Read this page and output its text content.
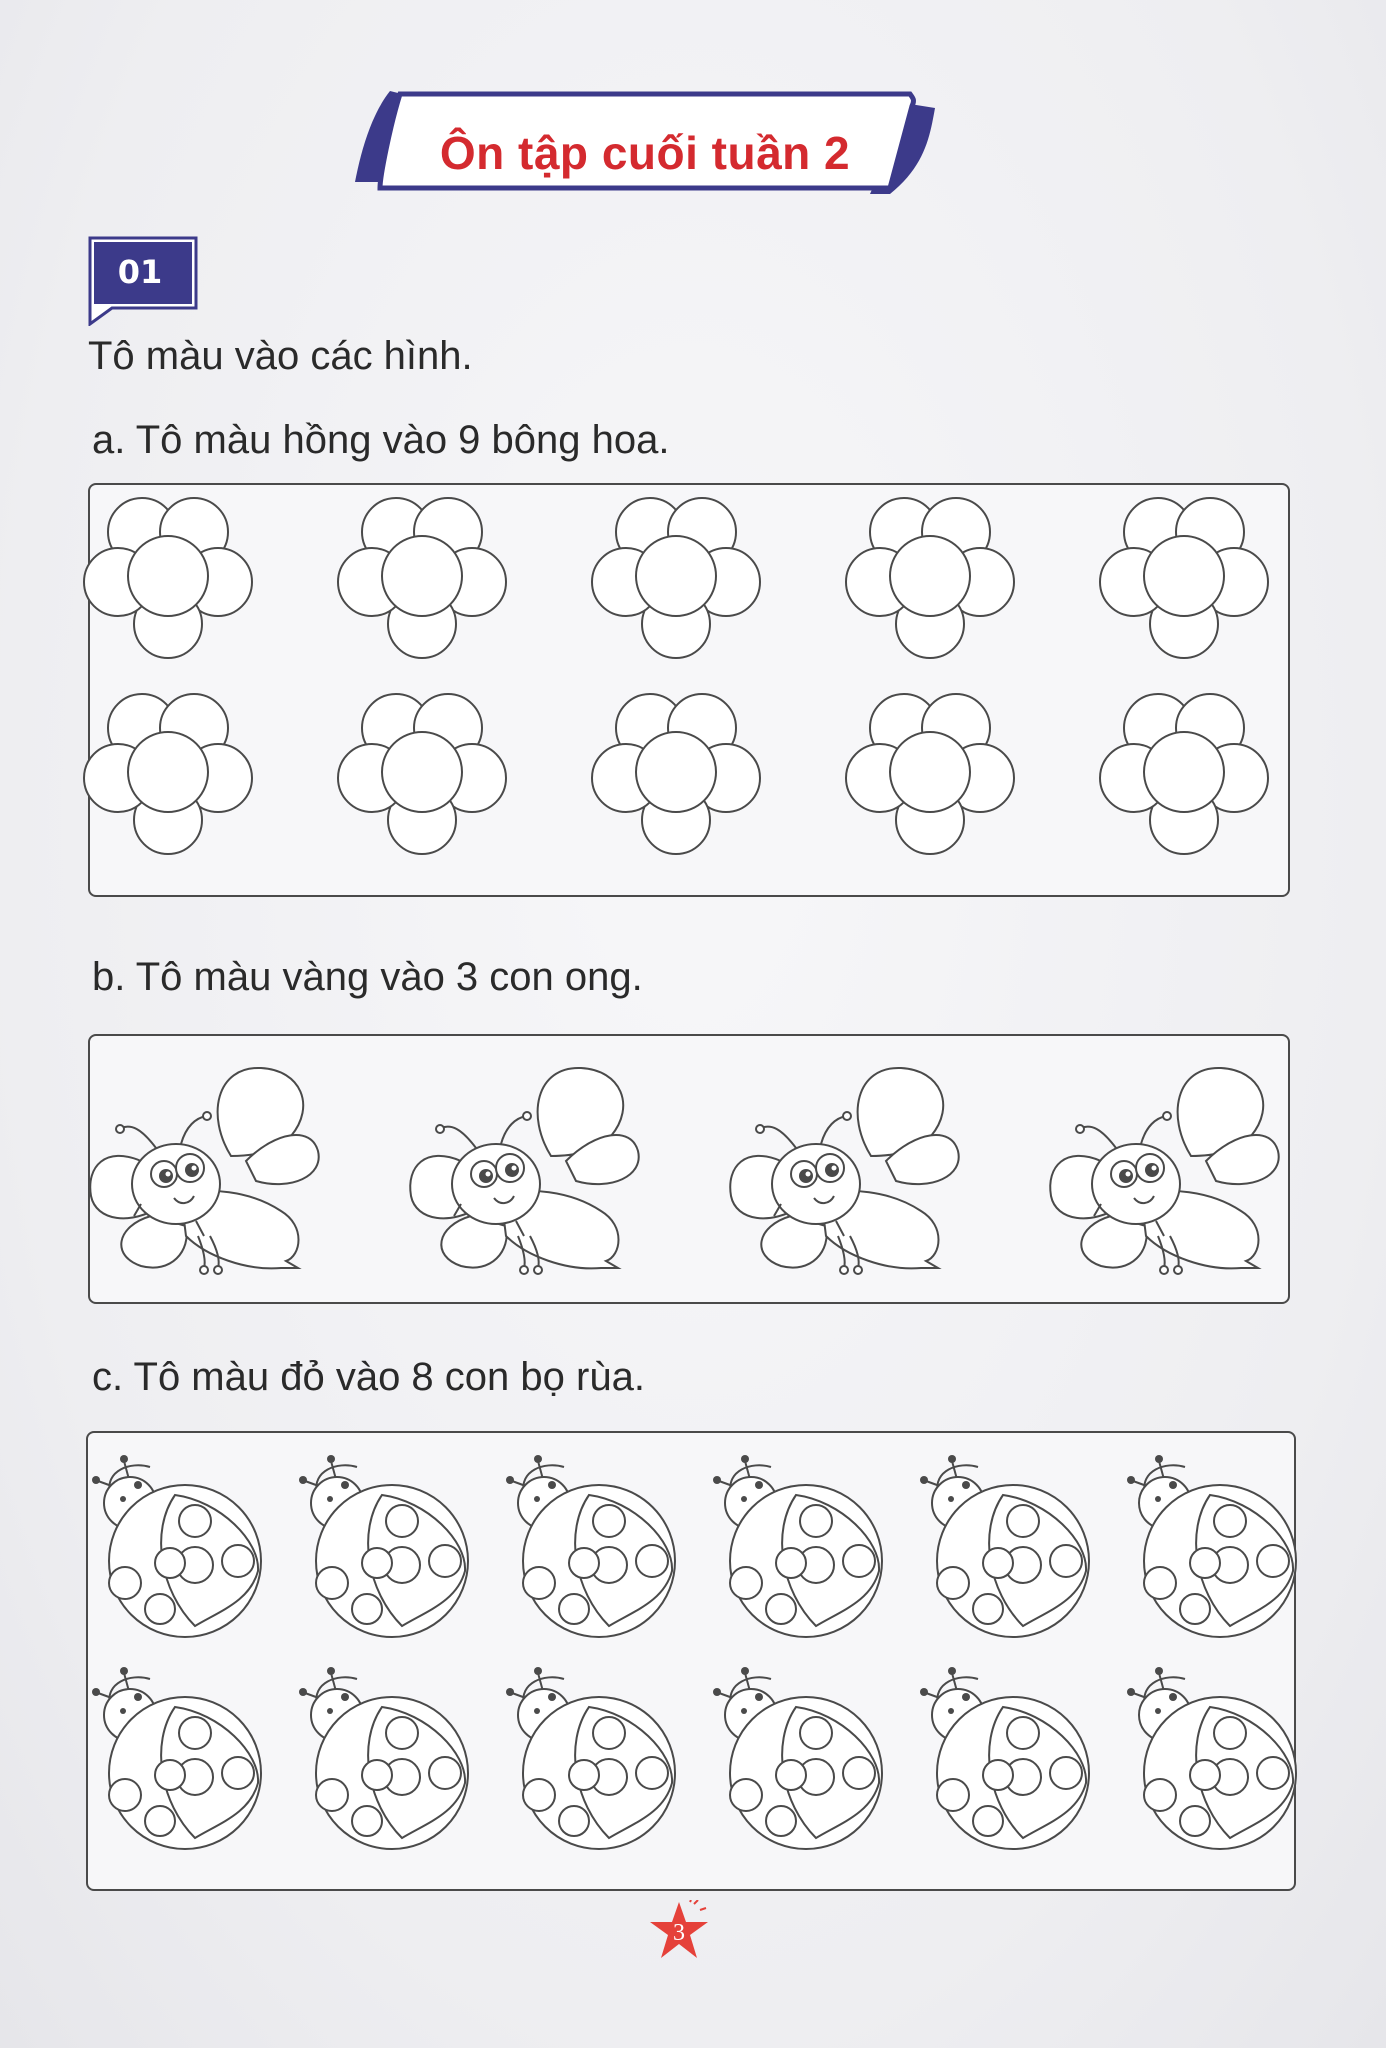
Ôn tập cuối tuần 2
01
Tô màu vào các hình.
a. Tô màu hồng vào 9 bông hoa.
b. Tô màu vàng vào 3 con ong.
c. Tô màu đỏ vào 8 con bọ rùa.
3
